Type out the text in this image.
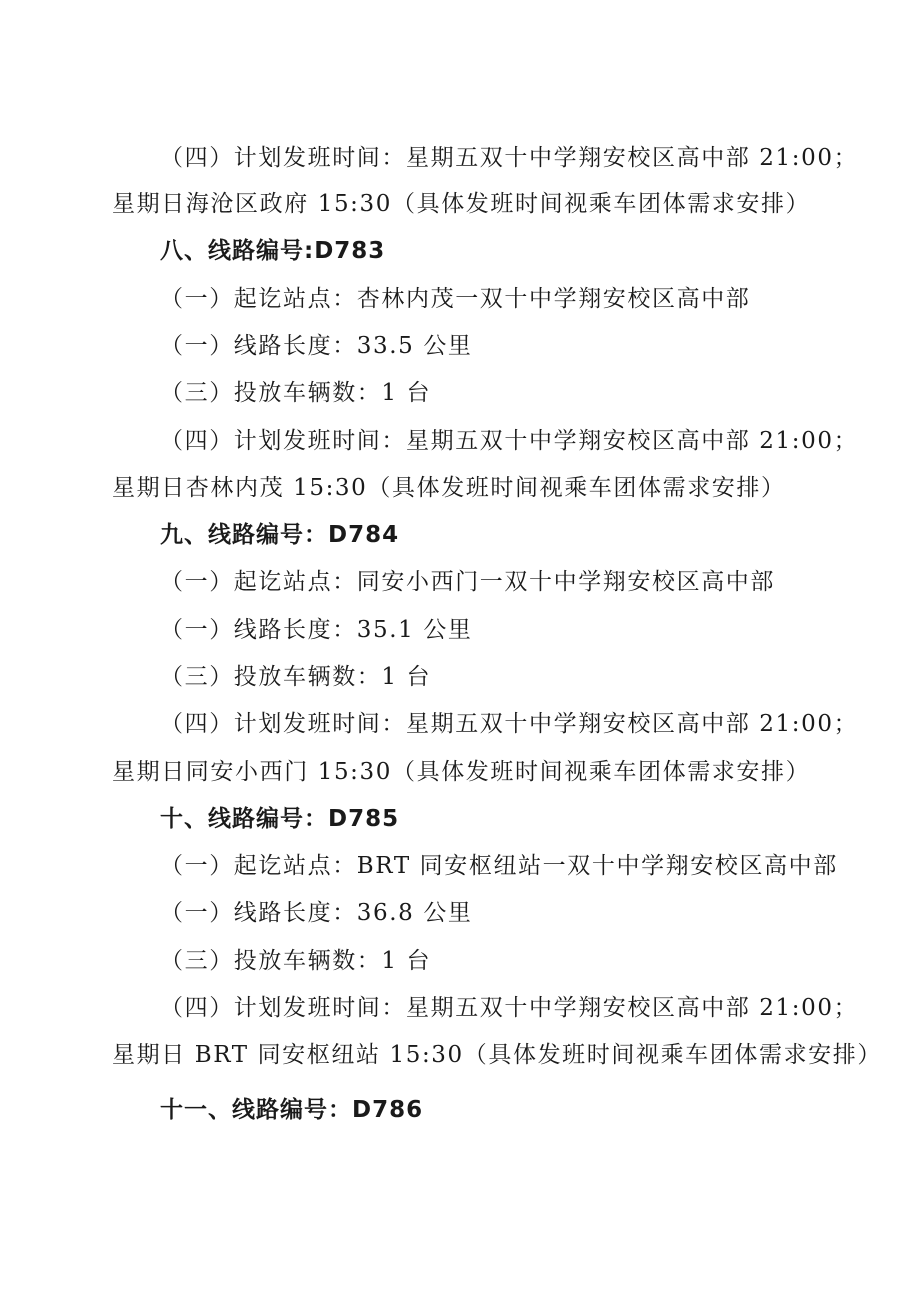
（四）计划发班时间：星期五双十中学翔安校区高中部 21:00；
星期日海沧区政府 15:30（具体发班时间视乘车团体需求安排）
八、线路编号:D783
（一）起讫站点：杏林内茂一双十中学翔安校区高中部
（一）线路长度：33.5 公里
（三）投放车辆数：1 台
（四）计划发班时间：星期五双十中学翔安校区高中部 21:00；
星期日杏林内茂 15:30（具体发班时间视乘车团体需求安排）
九、线路编号：D784
（一）起讫站点：同安小西门一双十中学翔安校区高中部
（一）线路长度：35.1 公里
（三）投放车辆数：1 台
（四）计划发班时间：星期五双十中学翔安校区高中部 21:00；
星期日同安小西门 15:30（具体发班时间视乘车团体需求安排）
十、线路编号：D785
（一）起讫站点：BRT 同安枢纽站一双十中学翔安校区高中部
（一）线路长度：36.8 公里
（三）投放车辆数：1 台
（四）计划发班时间：星期五双十中学翔安校区高中部 21:00；
星期日 BRT 同安枢纽站 15:30（具体发班时间视乘车团体需求安排）
十一、线路编号：D786
